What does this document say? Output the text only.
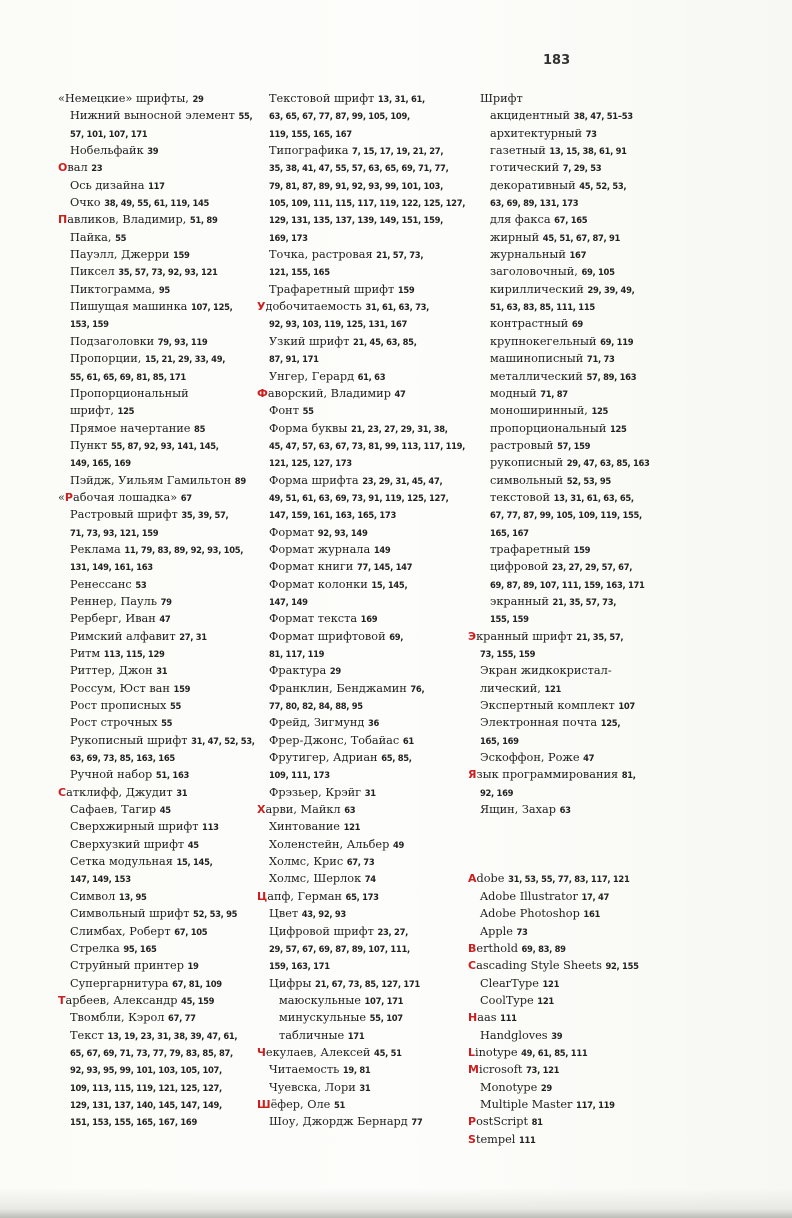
183
«Немецкие» шрифты, 29
Нижний выносной элемент 55,
57, 101, 107, 171
Нобельфайк 39
Овал 23
Ось дизайна 117
Очко 38, 49, 55, 61, 119, 145
Павликов, Владимир, 51, 89
Пайка, 55
Пауэлл, Джерри 159
Пиксел 35, 57, 73, 92, 93, 121
Пиктограмма, 95
Пишущая машинка 107, 125,
153, 159
Подзаголовки 79, 93, 119
Пропорции, 15, 21, 29, 33, 49,
55, 61, 65, 69, 81, 85, 171
Пропорциональный
шрифт, 125
Прямое начертание 85
Пункт 55, 87, 92, 93, 141, 145,
149, 165, 169
Пэйдж, Уильям Гамильтон 89
«Рабочая лошадка» 67
Растровый шрифт 35, 39, 57,
71, 73, 93, 121, 159
Реклама 11, 79, 83, 89, 92, 93, 105,
131, 149, 161, 163
Ренессанс 53
Реннер, Пауль 79
Рерберг, Иван 47
Римский алфавит 27, 31
Ритм 113, 115, 129
Риттер, Джон 31
Россум, Юст ван 159
Рост прописных 55
Рост строчных 55
Рукописный шрифт 31, 47, 52, 53,
63, 69, 73, 85, 163, 165
Ручной набор 51, 163
Сатклифф, Джудит 31
Сафаев, Тагир 45
Сверхжирный шрифт 113
Сверхузкий шрифт 45
Сетка модульная 15, 145,
147, 149, 153
Символ 13, 95
Символьный шрифт 52, 53, 95
Слимбах, Роберт 67, 105
Стрелка 95, 165
Струйный принтер 19
Супергарнитура 67, 81, 109
Тарбеев, Александр 45, 159
Твомбли, Кэрол 67, 77
Текст 13, 19, 23, 31, 38, 39, 47, 61,
65, 67, 69, 71, 73, 77, 79, 83, 85, 87,
92, 93, 95, 99, 101, 103, 105, 107,
109, 113, 115, 119, 121, 125, 127,
129, 131, 137, 140, 145, 147, 149,
151, 153, 155, 165, 167, 169
Текстовой шрифт 13, 31, 61,
63, 65, 67, 77, 87, 99, 105, 109,
119, 155, 165, 167
Типографика 7, 15, 17, 19, 21, 27,
35, 38, 41, 47, 55, 57, 63, 65, 69, 71, 77,
79, 81, 87, 89, 91, 92, 93, 99, 101, 103,
105, 109, 111, 115, 117, 119, 122, 125, 127,
129, 131, 135, 137, 139, 149, 151, 159,
169, 173
Точка, растровая 21, 57, 73,
121, 155, 165
Трафаретный шрифт 159
Удобочитаемость 31, 61, 63, 73,
92, 93, 103, 119, 125, 131, 167
Узкий шрифт 21, 45, 63, 85,
87, 91, 171
Унгер, Герард 61, 63
Фаворский, Владимир 47
Фонт 55
Форма буквы 21, 23, 27, 29, 31, 38,
45, 47, 57, 63, 67, 73, 81, 99, 113, 117, 119,
121, 125, 127, 173
Форма шрифта 23, 29, 31, 45, 47,
49, 51, 61, 63, 69, 73, 91, 119, 125, 127,
147, 159, 161, 163, 165, 173
Формат 92, 93, 149
Формат журнала 149
Формат книги 77, 145, 147
Формат колонки 15, 145,
147, 149
Формат текста 169
Формат шрифтовой 69,
81, 117, 119
Фрактура 29
Франклин, Бенджамин 76,
77, 80, 82, 84, 88, 95
Фрейд, Зигмунд 36
Фрер-Джонс, Тобайас 61
Фрутигер, Адриан 65, 85,
109, 111, 173
Фрэзьер, Крэйг 31
Харви, Майкл 63
Хинтование 121
Холенстейн, Альбер 49
Холмс, Крис 67, 73
Холмс, Шерлок 74
Цапф, Герман 65, 173
Цвет 43, 92, 93
Цифровой шрифт 23, 27,
29, 57, 67, 69, 87, 89, 107, 111,
159, 163, 171
Цифры 21, 67, 73, 85, 127, 171
маюскульные 107, 171
минускульные 55, 107
табличные 171
Чекулаев, Алексей 45, 51
Читаемость 19, 81
Чуевска, Лори 31
Шёфер, Оле 51
Шоу, Джордж Бернард 77
Шрифт
акцидентный 38, 47, 51–53
архитектурный 73
газетный 13, 15, 38, 61, 91
готический 7, 29, 53
декоративный 45, 52, 53,
63, 69, 89, 131, 173
для факса 67, 165
жирный 45, 51, 67, 87, 91
журнальный 167
заголовочный, 69, 105
кириллический 29, 39, 49,
51, 63, 83, 85, 111, 115
контрастный 69
крупнокегельный 69, 119
машинописный 71, 73
металлический 57, 89, 163
модный 71, 87
моноширинный, 125
пропорциональный 125
растровый 57, 159
рукописный 29, 47, 63, 85, 163
символьный 52, 53, 95
текстовой 13, 31, 61, 63, 65,
67, 77, 87, 99, 105, 109, 119, 155,
165, 167
трафаретный 159
цифровой 23, 27, 29, 57, 67,
69, 87, 89, 107, 111, 159, 163, 171
экранный 21, 35, 57, 73,
155, 159
Экранный шрифт 21, 35, 57,
73, 155, 159
Экран жидкокристал-
лический, 121
Экспертный комплект 107
Электронная почта 125,
165, 169
Эскоффон, Роже 47
Язык программирования 81,
92, 169
Ящин, Захар 63
Adobe 31, 53, 55, 77, 83, 117, 121
Adobe Illustrator 17, 47
Adobe Photoshop 161
Apple 73
Berthold 69, 83, 89
Cascading Style Sheets 92, 155
ClearType 121
CoolType 121
Haas 111
Handgloves 39
Linotype 49, 61, 85, 111
Microsoft 73, 121
Monotype 29
Multiple Master 117, 119
PostScript 81
Stempel 111
